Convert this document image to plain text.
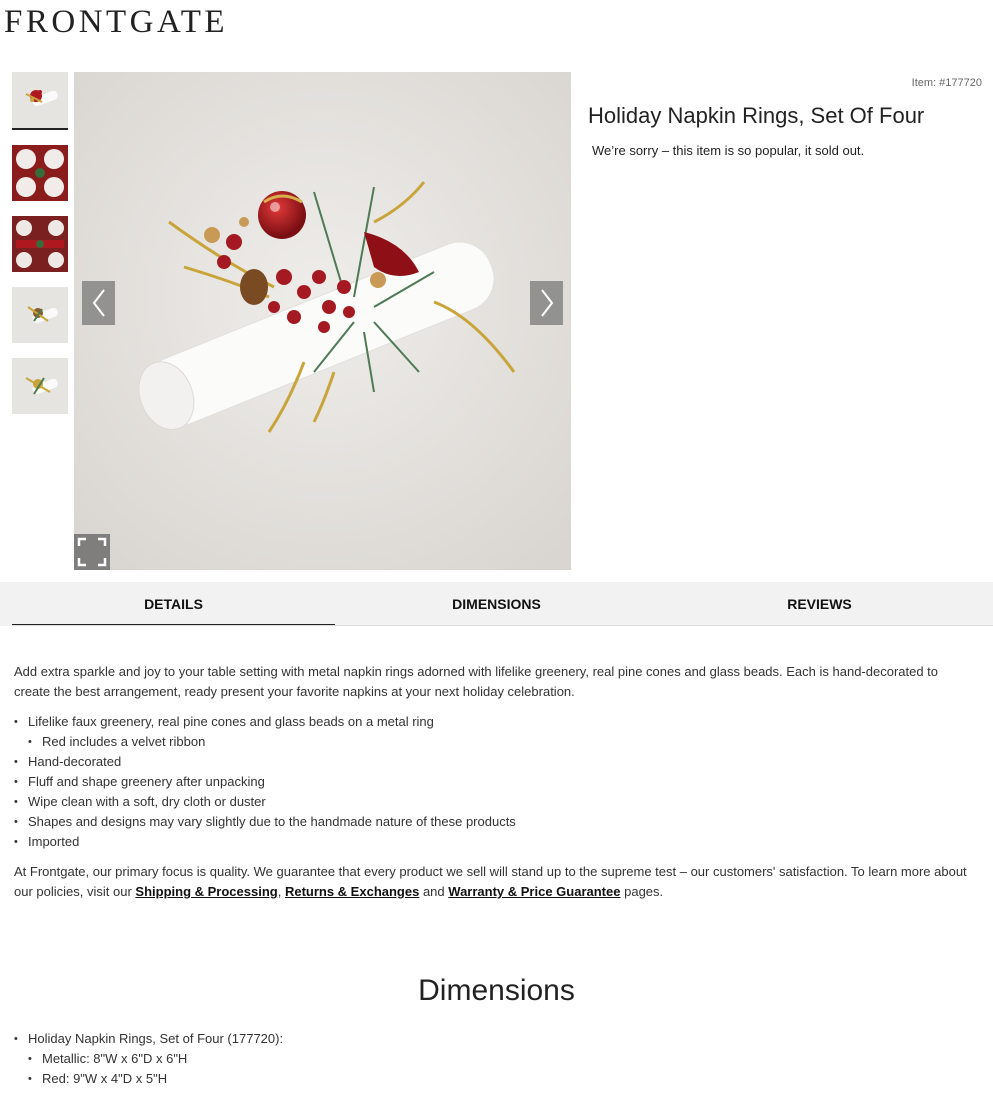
FRONTGATE
Item: #177720
Holiday Napkin Rings, Set Of Four
We’re sorry – this item is so popular, it sold out.
DETAILS	DIMENSIONS	REVIEWS

Add extra sparkle and joy to your table setting with metal napkin rings adorned with lifelike greenery, real pine cones and glass beads. Each is hand-decorated to create the best arrangement, ready present your favorite napkins at your next holiday celebration.

• Lifelike faux greenery, real pine cones and glass beads on a metal ring
• Red includes a velvet ribbon
• Hand-decorated
• Fluff and shape greenery after unpacking
• Wipe clean with a soft, dry cloth or duster
• Shapes and designs may vary slightly due to the handmade nature of these products
• Imported

At Frontgate, our primary focus is quality. We guarantee that every product we sell will stand up to the supreme test – our customers' satisfaction. To learn more about our policies, visit our Shipping & Processing, Returns & Exchanges and Warranty & Price Guarantee pages.

Dimensions
• Holiday Napkin Rings, Set of Four (177720):
• Metallic: 8"W x 6"D x 6"H
• Red: 9"W x 4"D x 5"H
